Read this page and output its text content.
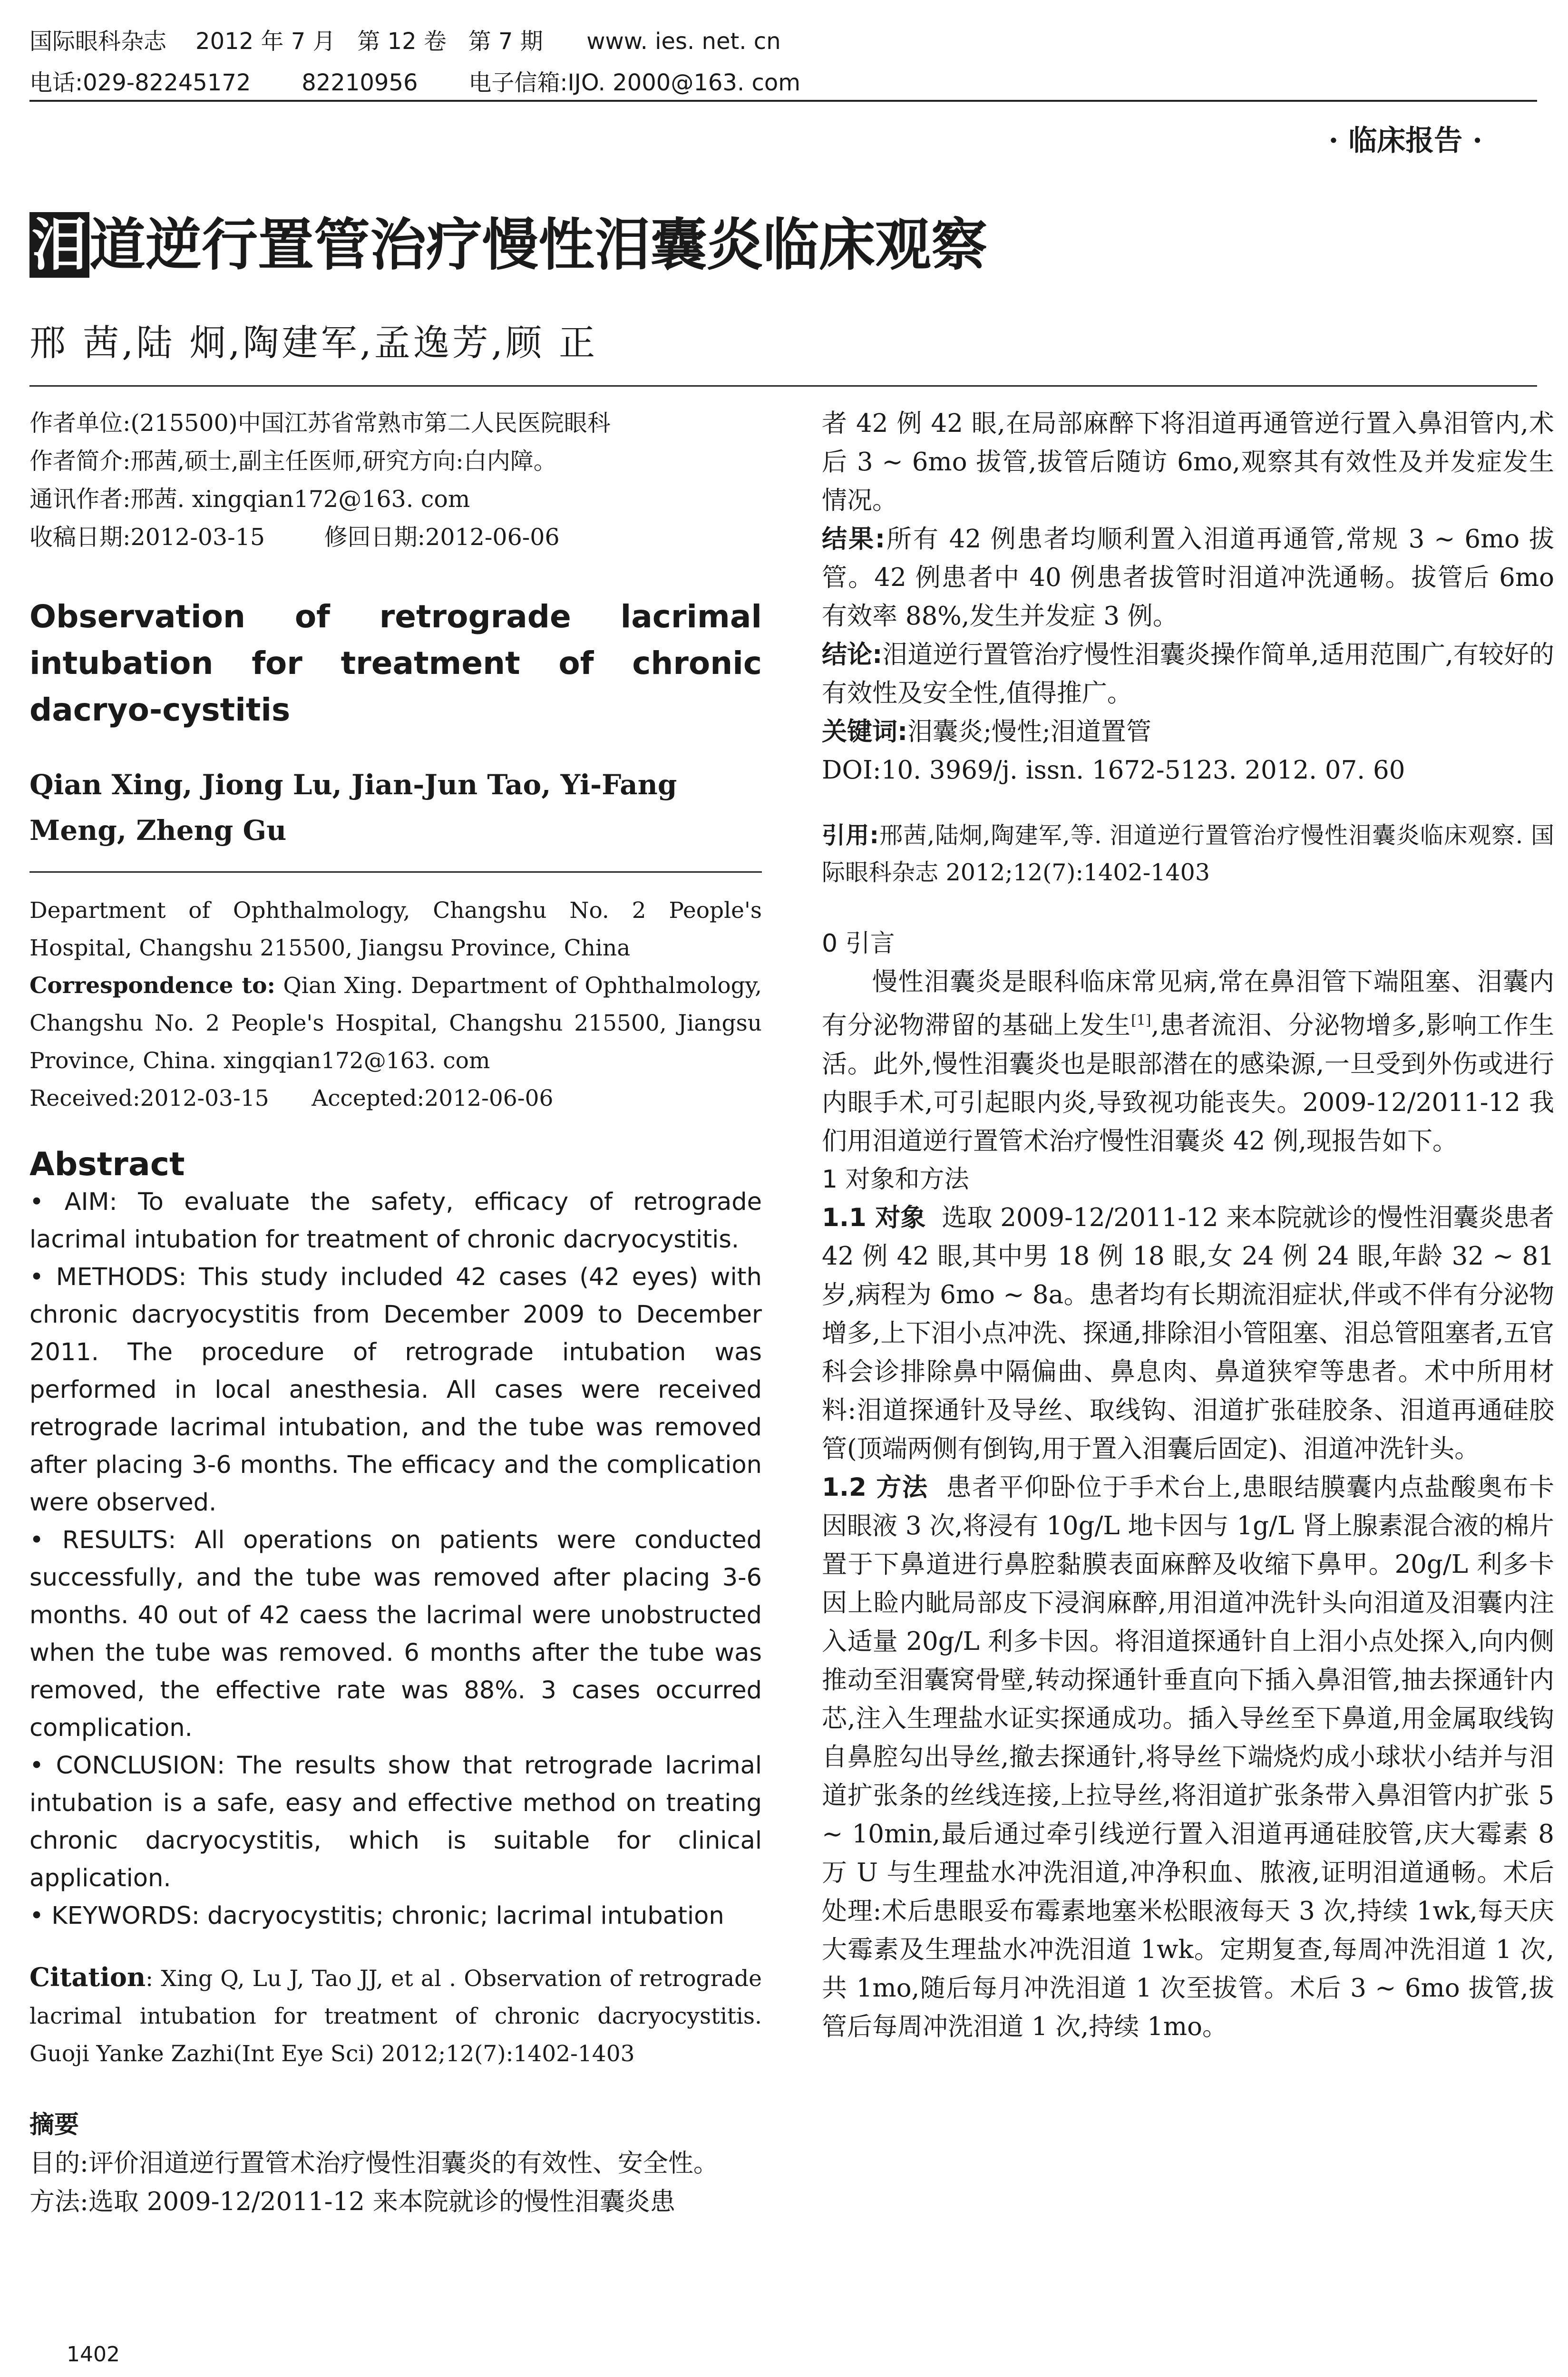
国际眼科杂志    2012 年 7 月   第 12 卷   第 7 期      www. ies. net. cn
电话:029-82245172       82210956       电子信箱:IJO. 2000@163. com
· 临床报告 ·
泪道逆行置管治疗慢性泪囊炎临床观察
邢 茜,陆 炯,陶建军,孟逸芳,顾 正

作者单位:(215500)中国江苏省常熟市第二人民医院眼科

作者简介:邢茜,硕士,副主任医师,研究方向:白内障。

通讯作者:邢茜. xingqian172@163. com

收稿日期:2012-03-15        修回日期:2012-06-06

Observation of retrograde lacrimal intubation for treatment of chronic dacryo-cystitis
Qian Xing, Jiong Lu, Jian-Jun Tao, Yi-Fang Meng, Zheng Gu

Department of Ophthalmology, Changshu No. 2 People's Hospital, Changshu 215500, Jiangsu Province, China

Correspondence to: Qian Xing. Department of Ophthalmology, Changshu No. 2 People's Hospital, Changshu 215500, Jiangsu Province, China. xingqian172@163. com

Received:2012-03-15      Accepted:2012-06-06

Abstract

• AIM: To evaluate the safety, efficacy of retrograde lacrimal intubation for treatment of chronic dacryocystitis.

• METHODS: This study included 42 cases (42 eyes) with chronic dacryocystitis from December 2009 to December 2011. The procedure of retrograde intubation was performed in local anesthesia. All cases were received retrograde lacrimal intubation, and the tube was removed after placing 3-6 months. The efficacy and the complication were observed.

• RESULTS: All operations on patients were conducted successfully, and the tube was removed after placing 3-6 months. 40 out of 42 caess the lacrimal were unobstructed when the tube was removed. 6 months after the tube was removed, the effective rate was 88%. 3 cases occurred complication.

• CONCLUSION: The results show that retrograde lacrimal intubation is a safe, easy and effective method on treating chronic dacryocystitis, which is suitable for clinical application.

• KEYWORDS: dacryocystitis; chronic; lacrimal intubation

Citation: Xing Q, Lu J, Tao JJ, et al . Observation of retrograde lacrimal intubation for treatment of chronic dacryocystitis. Guoji Yanke Zazhi(Int Eye Sci) 2012;12(7):1402-1403

摘要

目的:评价泪道逆行置管术治疗慢性泪囊炎的有效性、安全性。

方法:选取 2009-12/2011-12 来本院就诊的慢性泪囊炎患

者 42 例 42 眼,在局部麻醉下将泪道再通管逆行置入鼻泪管内,术后 3 ~ 6mo 拔管,拔管后随访 6mo,观察其有效性及并发症发生情况。

结果:所有 42 例患者均顺利置入泪道再通管,常规 3 ~ 6mo 拔管。42 例患者中 40 例患者拔管时泪道冲洗通畅。拔管后 6mo 有效率 88%,发生并发症 3 例。

结论:泪道逆行置管治疗慢性泪囊炎操作简单,适用范围广,有较好的有效性及安全性,值得推广。

关键词:泪囊炎;慢性;泪道置管

DOI:10. 3969/j. issn. 1672-5123. 2012. 07. 60

引用:邢茜,陆炯,陶建军,等. 泪道逆行置管治疗慢性泪囊炎临床观察. 国际眼科杂志 2012;12(7):1402-1403

0 引言

慢性泪囊炎是眼科临床常见病,常在鼻泪管下端阻塞、泪囊内有分泌物滞留的基础上发生[1],患者流泪、分泌物增多,影响工作生活。此外,慢性泪囊炎也是眼部潜在的感染源,一旦受到外伤或进行内眼手术,可引起眼内炎,导致视功能丧失。2009-12/2011-12 我们用泪道逆行置管术治疗慢性泪囊炎 42 例,现报告如下。

1 对象和方法

1.1 对象  选取 2009-12/2011-12 来本院就诊的慢性泪囊炎患者 42 例 42 眼,其中男 18 例 18 眼,女 24 例 24 眼,年龄 32 ~ 81 岁,病程为 6mo ~ 8a。患者均有长期流泪症状,伴或不伴有分泌物增多,上下泪小点冲洗、探通,排除泪小管阻塞、泪总管阻塞者,五官科会诊排除鼻中隔偏曲、鼻息肉、鼻道狭窄等患者。术中所用材料:泪道探通针及导丝、取线钩、泪道扩张硅胶条、泪道再通硅胶管(顶端两侧有倒钩,用于置入泪囊后固定)、泪道冲洗针头。

1.2 方法  患者平仰卧位于手术台上,患眼结膜囊内点盐酸奥布卡因眼液 3 次,将浸有 10g/L 地卡因与 1g/L 肾上腺素混合液的棉片置于下鼻道进行鼻腔黏膜表面麻醉及收缩下鼻甲。20g/L 利多卡因上睑内眦局部皮下浸润麻醉,用泪道冲洗针头向泪道及泪囊内注入适量 20g/L 利多卡因。将泪道探通针自上泪小点处探入,向内侧推动至泪囊窝骨壁,转动探通针垂直向下插入鼻泪管,抽去探通针内芯,注入生理盐水证实探通成功。插入导丝至下鼻道,用金属取线钩自鼻腔勾出导丝,撤去探通针,将导丝下端烧灼成小球状小结并与泪道扩张条的丝线连接,上拉导丝,将泪道扩张条带入鼻泪管内扩张 5 ~ 10min,最后通过牵引线逆行置入泪道再通硅胶管,庆大霉素 8 万 U 与生理盐水冲洗泪道,冲净积血、脓液,证明泪道通畅。术后处理:术后患眼妥布霉素地塞米松眼液每天 3 次,持续 1wk,每天庆大霉素及生理盐水冲洗泪道 1wk。定期复查,每周冲洗泪道 1 次,共 1mo,随后每月冲洗泪道 1 次至拔管。术后 3 ~ 6mo 拔管,拔管后每周冲洗泪道 1 次,持续 1mo。

1402
